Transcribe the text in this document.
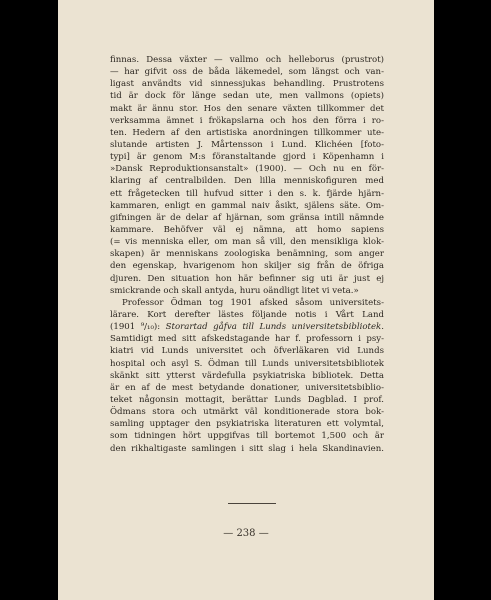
finnas. Dessa växter — vallmo och helleborus (prustrot)
— har gifvit oss de båda läkemedel, som längst och van-
ligast användts vid sinnessjukas behandling. Prustrotens
tid är dock för länge sedan ute, men vallmons (opiets)
makt är ännu stor. Hos den senare växten tillkommer det
verksamma ämnet i frökapslarna och hos den förra i ro-
ten. Hedern af den artistiska anordningen tillkommer ute-
slutande artisten J. Mårtensson i Lund. Klichéen [foto-
typi] är genom M:s föranstaltande gjord i Köpenhamn i
»Dansk Reproduktionsanstalt» (1900). — Och nu en för-
klaring af centralbilden. Den lilla menniskofiguren med
ett frågetecken till hufvud sitter i den s. k. fjärde hjärn-
kammaren, enligt en gammal naiv åsikt, själens säte. Om-
gifningen är de delar af hjärnan, som gränsa intill nämnde
kammare. Behöfver väl ej nämna, att homo sapiens
(= vis menniska eller, om man så vill, den mensikliga klok-
skapen) är menniskans zoologiska benämning, som anger
den egenskap, hvarigenom hon skiljer sig från de öfriga
djuren. Den situation hon här befinner sig uti är just ej
smickrande och skall antyda, huru oändligt litet vi veta.»
Professor Ödman tog 1901 afsked såsom universitets-
lärare. Kort derefter lästes följande notis i Vårt Land
(1901 ⁹/₁₀): Storartad gåfva till Lunds universitetsbibliotek.
Samtidigt med sitt afskedstagande har f. professorn i psy-
kiatri vid Lunds universitet och öfverläkaren vid Lunds
hospital och asyl S. Ödman till Lunds universitetsbibliotek
skänkt sitt ytterst värdefulla psykiatriska bibliotek. Detta
är en af de mest betydande donationer, universitetsbiblio-
teket någonsin mottagit, berättar Lunds Dagblad. I prof.
Ödmans stora och utmärkt väl konditionerade stora bok-
samling upptager den psykiatriska literaturen ett volymtal,
som tidningen hört uppgifvas till bortemot 1,500 och är
den rikhaltigaste samlingen i sitt slag i hela Skandinavien.
— 238 —
